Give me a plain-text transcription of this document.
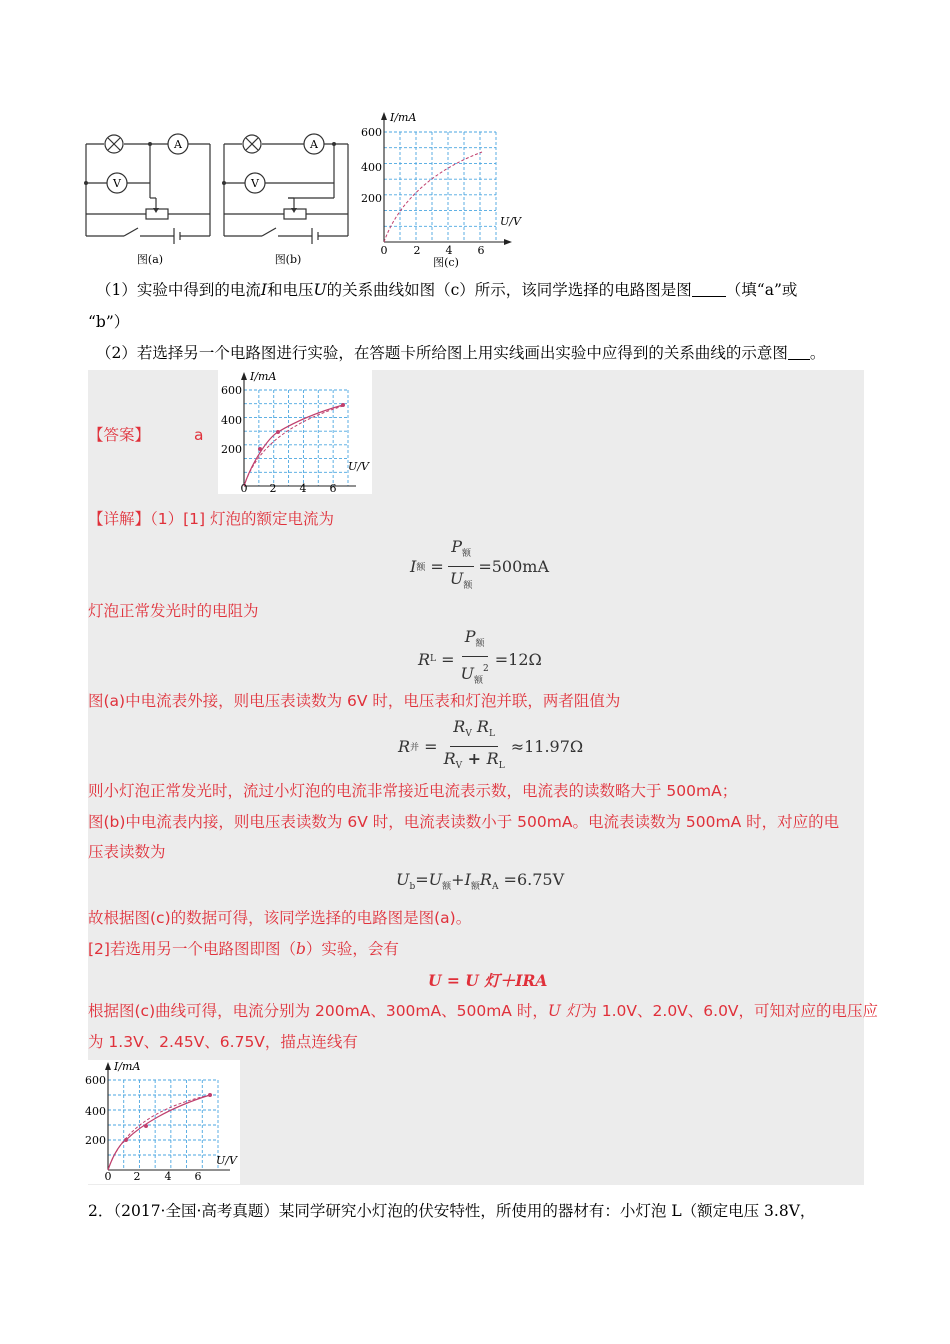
A
V
图(a)
A
V
图(b)
I/mA
U/V
600
400
200
0 2 4 6
图(c)
（1）实验中得到的电流I和电压U的关系曲线如图（c）所示，该同学选择的电路图是图 （填“a”或
“b”）
（2）若选择另一个电路图进行实验，在答题卡所给图上用实线画出实验中应得到的关系曲线的示意图 。
【答案】	a
I/mA
U/V
600
400
200
0 2 4 6
【详解】（1）[1] 灯泡的额定电流为
I 额 = $\frac{P_额}{U_额} =500mA$
灯泡正常发光时的电阻为
R $L = \frac{P_额}{U_额^2} =12\Omega$
图(a)中电流表外接，则电压表读数为 6V 时，电压表和灯泡并联，两者阻值为
R 并 = $\frac{R_V R_L}{R_V + R_L} \approx 11.97\Omega$
则小灯泡正常发光时，流过小灯泡的电流非常接近电流表示数，电流表的读数略大于 500mA；
图(b)中电流表内接，则电压表读数为 6V 时，电流表读数小于 500mA。电流表读数为 500mA 时，对应的电
压表读数为
$U_b=U_额+I_额R_A =6.75V$
故根据图(c)的数据可得，该同学选择的电路图是图(a)。
[2]若选用另一个电路图即图（b）实验，会有
U = U 灯＋IRA
根据图(c)曲线可得，电流分别为 200mA、300mA、500mA 时，U 灯为 1.0V、2.0V、6.0V，可知对应的电压应
为 1.3V、2.45V、6.75V，描点连线有
I/mA
U/V
600
400
200
0 2 4 6
2．（2017·全国·高考真题）某同学研究小灯泡的伏安特性，所使用的器材有：小灯泡 L（额定电压 3.8V，
